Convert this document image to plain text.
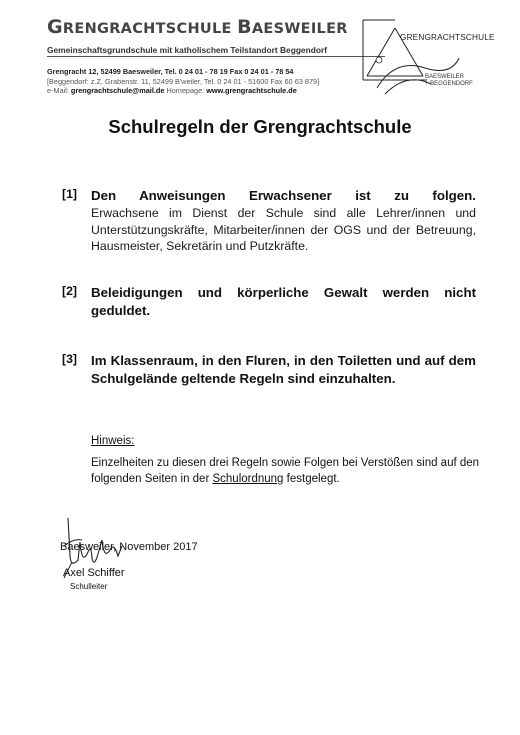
GRENGRACHTSCHULE BAESWEILER
Gemeinschaftsgrundschule mit katholischem Teilstandort Beggendorf
Grengracht 12, 52499 Baesweiler, Tel. 0 24 01 - 78 19 Fax 0 24 01 - 78 54
[Beggendorf: z.Z. Grabenstr. 11, 52499 B'weiler, Tel. 0 24 01 - 51600 Fax 60 63 879]
e-Mail: grengrachtschule@mail.de Homepage: www.grengrachtschule.de
GRENGRACHTSCHULE
BAESWEILER
+ BEGGENDORF
Schulregeln der Grengrachtschule
[1] Den Anweisungen Erwachsener ist zu folgen.
Erwachsene im Dienst der Schule sind alle Lehrer/innen und Unterstützungskräfte, Mitarbeiter/innen der OGS und der Betreuung, Hausmeister, Sekretärin und Putzkräfte.
[2] Beleidigungen und körperliche Gewalt werden nicht geduldet.
[3] Im Klassenraum, in den Fluren, in den Toiletten und auf dem Schulgelände geltende Regeln sind einzuhalten.
Hinweis:
Einzelheiten zu diesen drei Regeln sowie Folgen bei Verstößen sind auf den folgenden Seiten in der Schulordnung festgelegt.
Baesweiler, November 2017
Axel Schiffer
Schulleiter
